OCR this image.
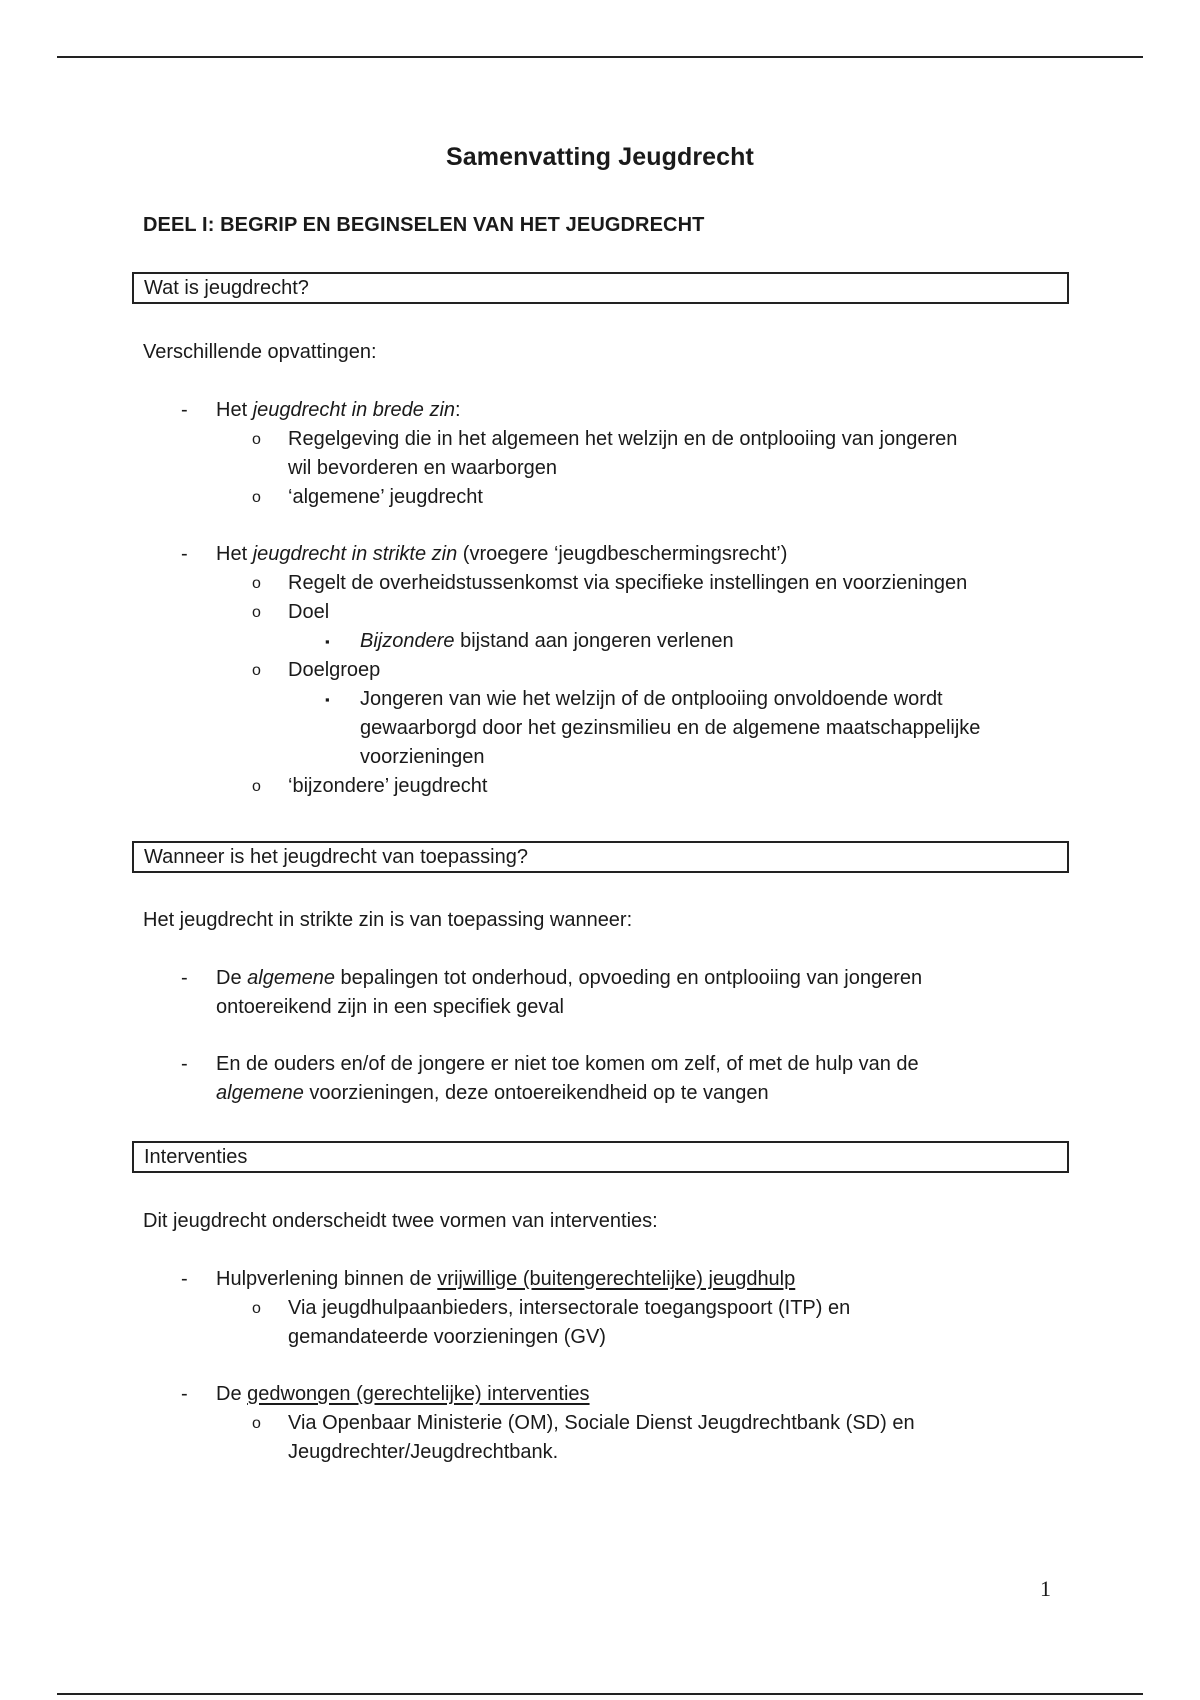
Samenvatting Jeugdrecht
DEEL I: BEGRIP EN BEGINSELEN VAN HET JEUGDRECHT
Wat is jeugdrecht?
Verschillende opvattingen:
- Het jeugdrecht in brede zin:
o Regelgeving die in het algemeen het welzijn en de ontplooiing van jongeren
wil bevorderen en waarborgen
o ‘algemene’ jeugdrecht
- Het jeugdrecht in strikte zin (vroegere ‘jeugdbeschermingsrecht’)
o Regelt de overheidstussenkomst via specifieke instellingen en voorzieningen
o Doel
▪ Bijzondere bijstand aan jongeren verlenen
o Doelgroep
▪ Jongeren van wie het welzijn of de ontplooiing onvoldoende wordt
gewaarborgd door het gezinsmilieu en de algemene maatschappelijke
voorzieningen
o ‘bijzondere’ jeugdrecht
Wanneer is het jeugdrecht van toepassing?
Het jeugdrecht in strikte zin is van toepassing wanneer:
- De algemene bepalingen tot onderhoud, opvoeding en ontplooiing van jongeren
ontoereikend zijn in een specifiek geval
- En de ouders en/of de jongere er niet toe komen om zelf, of met de hulp van de
algemene voorzieningen, deze ontoereikendheid op te vangen
Interventies
Dit jeugdrecht onderscheidt twee vormen van interventies:
- Hulpverlening binnen de vrijwillige (buitengerechtelijke) jeugdhulp
o Via jeugdhulpaanbieders, intersectorale toegangspoort (ITP) en
gemandateerde voorzieningen (GV)
- De gedwongen (gerechtelijke) interventies
o Via Openbaar Ministerie (OM), Sociale Dienst Jeugdrechtbank (SD) en
Jeugdrechter/Jeugdrechtbank.
1
